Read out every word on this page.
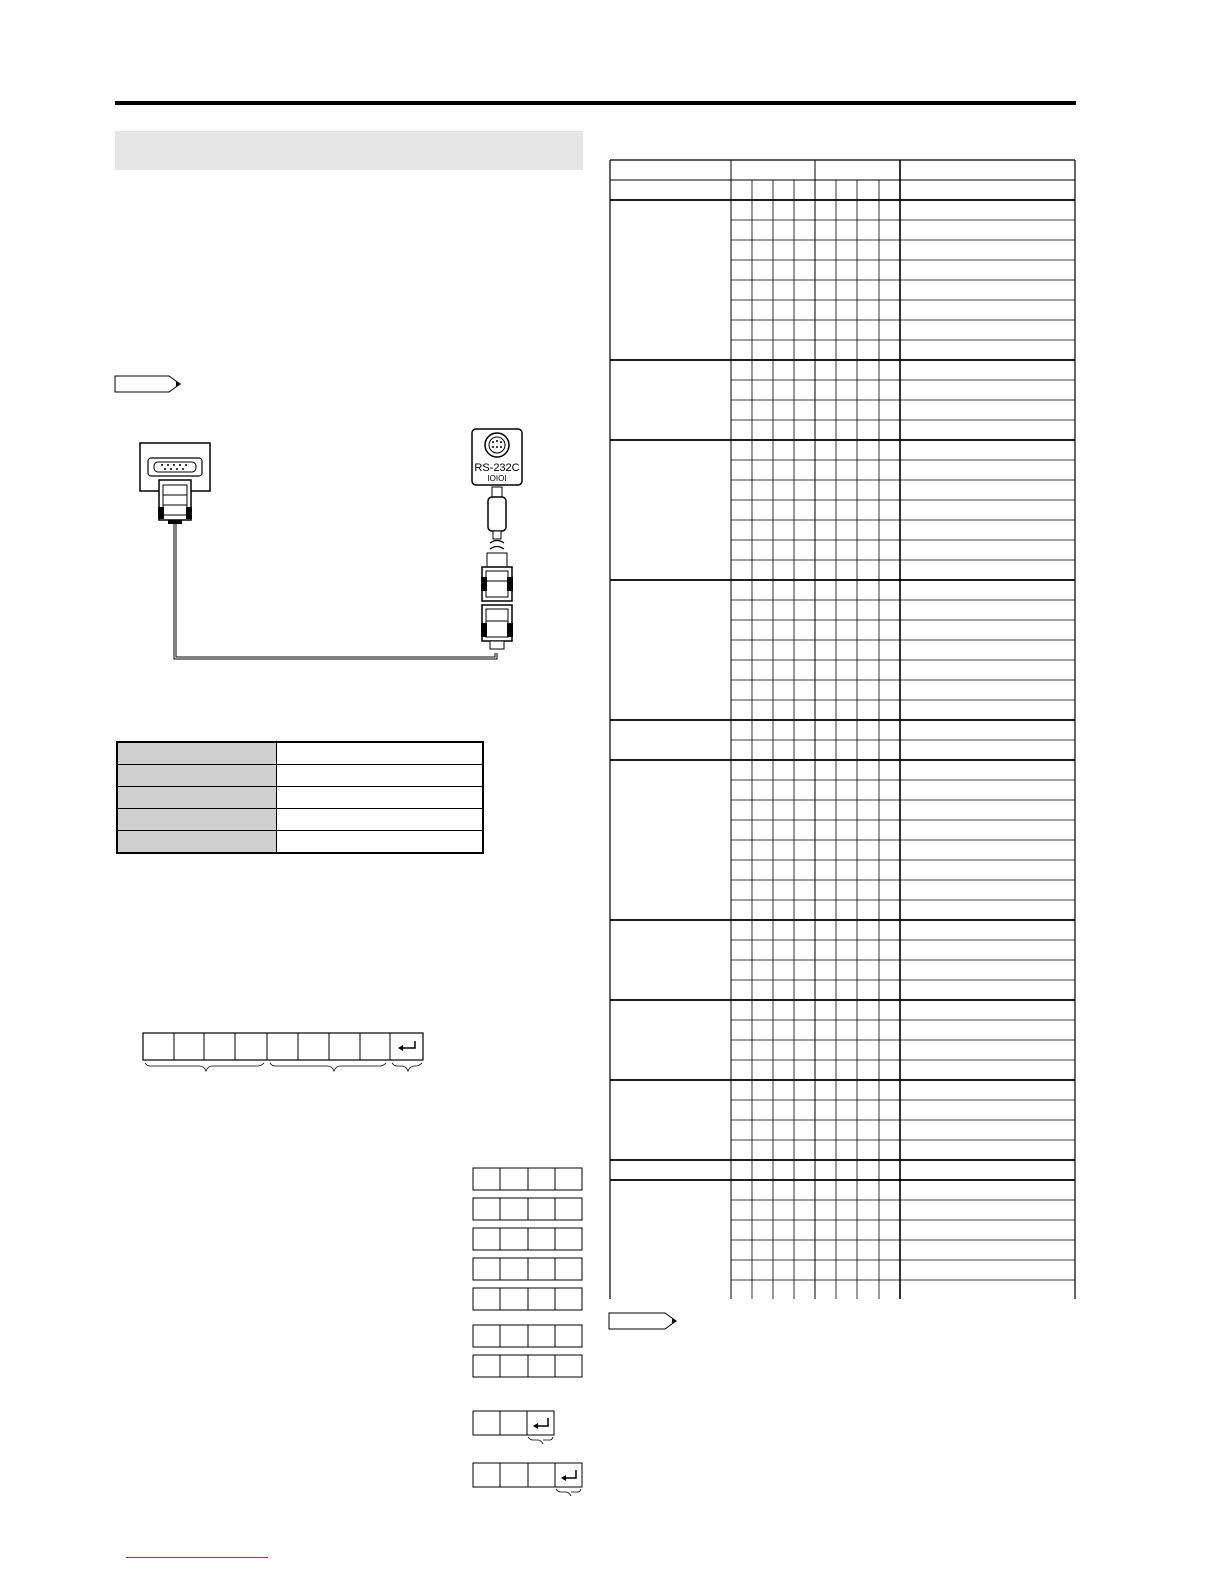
RS-232C
IOIOI
